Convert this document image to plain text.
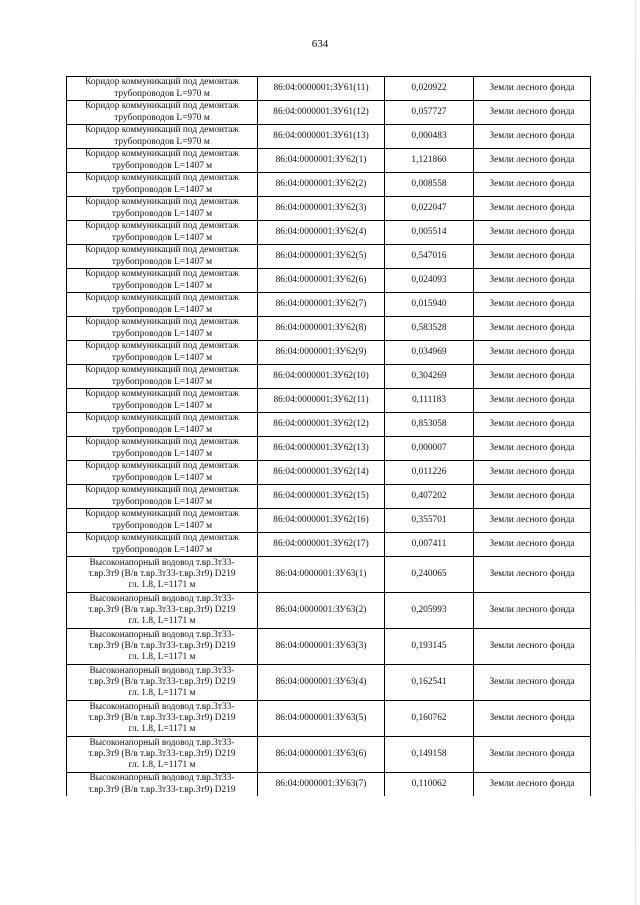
634
Коридор коммуникаций под демонтаж
трубопроводов L=970 м	86:04:0000001:ЗУ61(11)	0,020922	Земли лесного фонда

Коридор коммуникаций под демонтаж
трубопроводов L=970 м	86:04:0000001:ЗУ61(12)	0,057727	Земли лесного фонда

Коридор коммуникаций под демонтаж
трубопроводов L=970 м	86:04:0000001:ЗУ61(13)	0,000483	Земли лесного фонда

Коридор коммуникаций под демонтаж
трубопроводов L=1407 м	86:04:0000001:ЗУ62(1)	1,121860	Земли лесного фонда

Коридор коммуникаций под демонтаж
трубопроводов L=1407 м	86:04:0000001:ЗУ62(2)	0,008558	Земли лесного фонда

Коридор коммуникаций под демонтаж
трубопроводов L=1407 м	86:04:0000001:ЗУ62(3)	0,022047	Земли лесного фонда

Коридор коммуникаций под демонтаж
трубопроводов L=1407 м	86:04:0000001:ЗУ62(4)	0,005514	Земли лесного фонда

Коридор коммуникаций под демонтаж
трубопроводов L=1407 м	86:04:0000001:ЗУ62(5)	0,547016	Земли лесного фонда

Коридор коммуникаций под демонтаж
трубопроводов L=1407 м	86:04:0000001:ЗУ62(6)	0,024093	Земли лесного фонда

Коридор коммуникаций под демонтаж
трубопроводов L=1407 м	86:04:0000001:ЗУ62(7)	0,015940	Земли лесного фонда

Коридор коммуникаций под демонтаж
трубопроводов L=1407 м	86:04:0000001:ЗУ62(8)	0,583528	Земли лесного фонда

Коридор коммуникаций под демонтаж
трубопроводов L=1407 м	86:04:0000001:ЗУ62(9)	0,034969	Земли лесного фонда

Коридор коммуникаций под демонтаж
трубопроводов L=1407 м	86:04:0000001:ЗУ62(10)	0,304269	Земли лесного фонда

Коридор коммуникаций под демонтаж
трубопроводов L=1407 м	86:04:0000001:ЗУ62(11)	0,111183	Земли лесного фонда

Коридор коммуникаций под демонтаж
трубопроводов L=1407 м	86:04:0000001:ЗУ62(12)	0,853058	Земли лесного фонда

Коридор коммуникаций под демонтаж
трубопроводов L=1407 м	86:04:0000001:ЗУ62(13)	0,000007	Земли лесного фонда

Коридор коммуникаций под демонтаж
трубопроводов L=1407 м	86:04:0000001:ЗУ62(14)	0,011226	Земли лесного фонда

Коридор коммуникаций под демонтаж
трубопроводов L=1407 м	86:04:0000001:ЗУ62(15)	0,407202	Земли лесного фонда

Коридор коммуникаций под демонтаж
трубопроводов L=1407 м	86:04:0000001:ЗУ62(16)	0,355701	Земли лесного фонда

Коридор коммуникаций под демонтаж
трубопроводов L=1407 м	86:04:0000001:ЗУ62(17)	0,007411	Земли лесного фонда

Высоконапорный водовод т.вр.3т33-
т.вр.3т9 (В/в т.вр.3т33-т.вр.3т9) D219
гл. 1.8, L=1171 м	86:04:0000001:ЗУ63(1)	0,240065	Земли лесного фонда

Высоконапорный водовод т.вр.3т33-
т.вр.3т9 (В/в т.вр.3т33-т.вр.3т9) D219
гл. 1.8, L=1171 м	86:04:0000001:ЗУ63(2)	0,205993	Земли лесного фонда

Высоконапорный водовод т.вр.3т33-
т.вр.3т9 (В/в т.вр.3т33-т.вр.3т9) D219
гл. 1.8, L=1171 м	86:04:0000001:ЗУ63(3)	0,193145	Земли лесного фонда

Высоконапорный водовод т.вр.3т33-
т.вр.3т9 (В/в т.вр.3т33-т.вр.3т9) D219
гл. 1.8, L=1171 м	86:04:0000001:ЗУ63(4)	0,162541	Земли лесного фонда

Высоконапорный водовод т.вр.3т33-
т.вр.3т9 (В/в т.вр.3т33-т.вр.3т9) D219
гл. 1.8, L=1171 м	86:04:0000001:ЗУ63(5)	0,160762	Земли лесного фонда

Высоконапорный водовод т.вр.3т33-
т.вр.3т9 (В/в т.вр.3т33-т.вр.3т9) D219
гл. 1.8, L=1171 м	86:04:0000001:ЗУ63(6)	0,149158	Земли лесного фонда

Высоконапорный водовод т.вр.3т33-
т.вр.3т9 (В/в т.вр.3т33-т.вр.3т9) D219	86:04:0000001:ЗУ63(7)	0,110062	Земли лесного фонда
